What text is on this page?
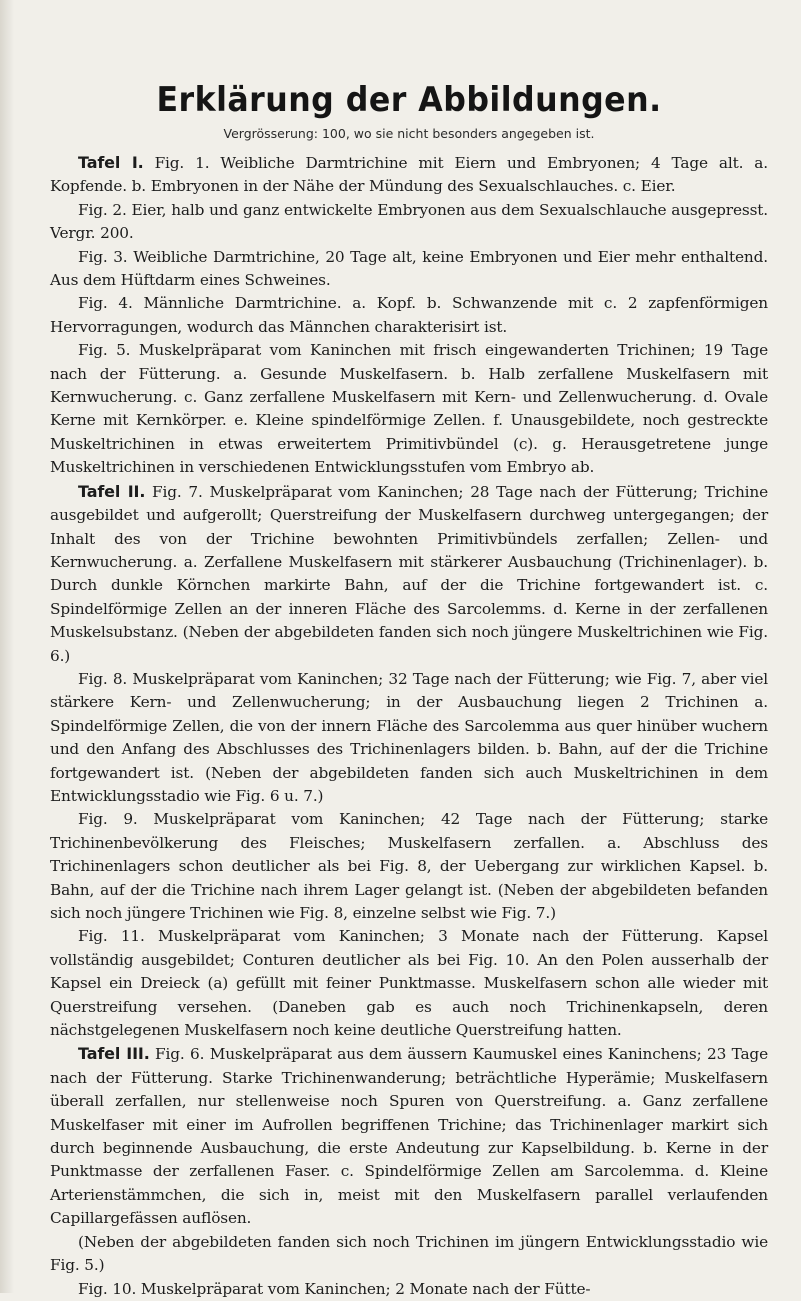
Erklärung der Abbildungen.

Vergrösserung: 100, wo sie nicht besonders angegeben ist.

Tafel I. Fig. 1. Weibliche Darmtrichine mit Eiern und Embryonen; 4 Tage alt. a. Kopfende. b. Embryonen in der Nähe der Mündung des Sexualschlauches. c. Eier.

Fig. 2. Eier, halb und ganz entwickelte Embryonen aus dem Sexualschlauche ausgepresst. Vergr. 200.

Fig. 3. Weibliche Darmtrichine, 20 Tage alt, keine Embryonen und Eier mehr enthaltend. Aus dem Hüftdarm eines Schweines.

Fig. 4. Männliche Darmtrichine. a. Kopf. b. Schwanzende mit c. 2 zapfenförmigen Hervorragungen, wodurch das Männchen charakterisirt ist.

Fig. 5. Muskelpräparat vom Kaninchen mit frisch eingewanderten Trichinen; 19 Tage nach der Fütterung. a. Gesunde Muskelfasern. b. Halb zerfallene Muskelfasern mit Kernwucherung. c. Ganz zerfallene Muskelfasern mit Kern- und Zellenwucherung. d. Ovale Kerne mit Kernkörper. e. Kleine spindelförmige Zellen. f. Unausgebildete, noch gestreckte Muskeltrichinen in etwas erweitertem Primitivbündel (c). g. Herausgetretene junge Muskeltrichinen in verschiedenen Entwicklungsstufen vom Embryo ab.

Tafel II. Fig. 7. Muskelpräparat vom Kaninchen; 28 Tage nach der Fütterung; Trichine ausgebildet und aufgerollt; Querstreifung der Muskelfasern durchweg untergegangen; der Inhalt des von der Trichine bewohnten Primitivbündels zerfallen; Zellen- und Kernwucherung. a. Zerfallene Muskelfasern mit stärkerer Ausbauchung (Trichinenlager). b. Durch dunkle Körnchen markirte Bahn, auf der die Trichine fortgewandert ist. c. Spindelförmige Zellen an der inneren Fläche des Sarcolemms. d. Kerne in der zerfallenen Muskelsubstanz. (Neben der abgebildeten fanden sich noch jüngere Muskeltrichinen wie Fig. 6.)

Fig. 8. Muskelpräparat vom Kaninchen; 32 Tage nach der Fütterung; wie Fig. 7, aber viel stärkere Kern- und Zellenwucherung; in der Ausbauchung liegen 2 Trichinen a. Spindelförmige Zellen, die von der innern Fläche des Sarcolemma aus quer hinüber wuchern und den Anfang des Abschlusses des Trichinenlagers bilden. b. Bahn, auf der die Trichine fortgewandert ist. (Neben der abgebildeten fanden sich auch Muskeltrichinen in dem Entwicklungsstadio wie Fig. 6 u. 7.)

Fig. 9. Muskelpräparat vom Kaninchen; 42 Tage nach der Fütterung; starke Trichinenbevölkerung des Fleisches; Muskelfasern zerfallen. a. Abschluss des Trichinenlagers schon deutlicher als bei Fig. 8, der Uebergang zur wirklichen Kapsel. b. Bahn, auf der die Trichine nach ihrem Lager gelangt ist. (Neben der abgebildeten befanden sich noch jüngere Trichinen wie Fig. 8, einzelne selbst wie Fig. 7.)

Fig. 11. Muskelpräparat vom Kaninchen; 3 Monate nach der Fütterung. Kapsel vollständig ausgebildet; Conturen deutlicher als bei Fig. 10. An den Polen ausserhalb der Kapsel ein Dreieck (a) gefüllt mit feiner Punktmasse. Muskelfasern schon alle wieder mit Querstreifung versehen. (Daneben gab es auch noch Trichinenkapseln, deren nächstgelegenen Muskelfasern noch keine deutliche Querstreifung hatten.

Tafel III. Fig. 6. Muskelpräparat aus dem äussern Kaumuskel eines Kaninchens; 23 Tage nach der Fütterung. Starke Trichinenwanderung; beträchtliche Hyperämie; Muskelfasern überall zerfallen, nur stellenweise noch Spuren von Querstreifung. a. Ganz zerfallene Muskelfaser mit einer im Aufrollen begriffenen Trichine; das Trichinenlager markirt sich durch beginnende Ausbauchung, die erste Andeutung zur Kapselbildung. b. Kerne in der Punktmasse der zerfallenen Faser. c. Spindelförmige Zellen am Sarcolemma. d. Kleine Arterienstämmchen, die sich in, meist mit den Muskelfasern parallel verlaufenden Capillargefässen auflösen.

(Neben der abgebildeten fanden sich noch Trichinen im jüngern Entwicklungsstadio wie Fig. 5.)

Fig. 10. Muskelpräparat vom Kaninchen; 2 Monate nach der Fütte-
